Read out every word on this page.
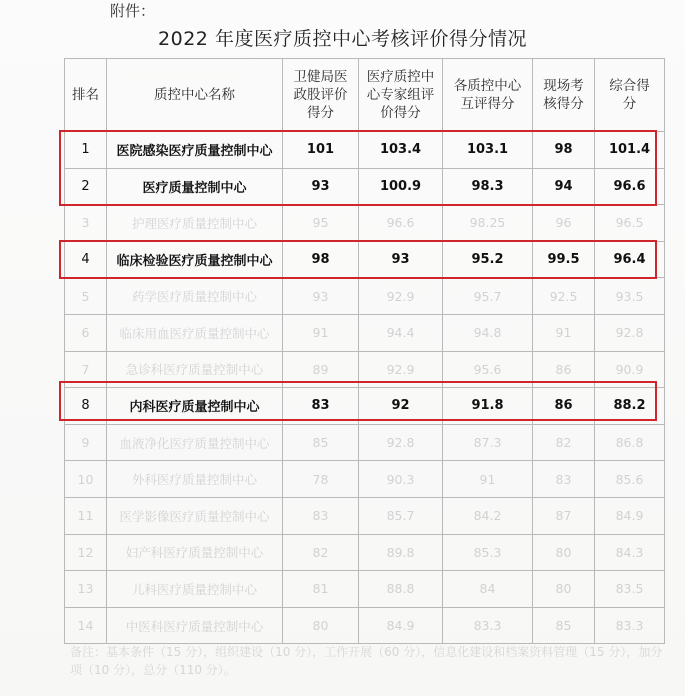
附件：
2022 年度医疗质控中心考核评价得分情况
排名	质控中心名称	卫健局医政股评价得分	医疗质控中心专家组评价得分	各质控中心互评得分	现场考核得分	综合得分

1	医院感染医疗质量控制中心	101	103.4	103.1	98	101.4
2	医疗质量控制中心	93	100.9	98.3	94	96.6
3	护理医疗质量控制中心	95	96.6	98.25	96	96.5
4	临床检验医疗质量控制中心	98	93	95.2	99.5	96.4
5	药学医疗质量控制中心	93	92.9	95.7	92.5	93.5
6	临床用血医疗质量控制中心	91	94.4	94.8	91	92.8
7	急诊科医疗质量控制中心	89	92.9	95.6	86	90.9
8	内科医疗质量控制中心	83	92	91.8	86	88.2
9	血液净化医疗质量控制中心	85	92.8	87.3	82	86.8
10	外科医疗质量控制中心	78	90.3	91	83	85.6
11	医学影像医疗质量控制中心	83	85.7	84.2	87	84.9
12	妇产科医疗质量控制中心	82	89.8	85.3	80	84.3
13	儿科医疗质量控制中心	81	88.8	84	80	83.5
14	中医科医疗质量控制中心	80	84.9	83.3	85	83.3
备注：基本条件（15 分），组织建设（10 分），工作开展（60 分），信息化建设和档案资料管理（15 分），加分项（10 分），总分（110 分）。
